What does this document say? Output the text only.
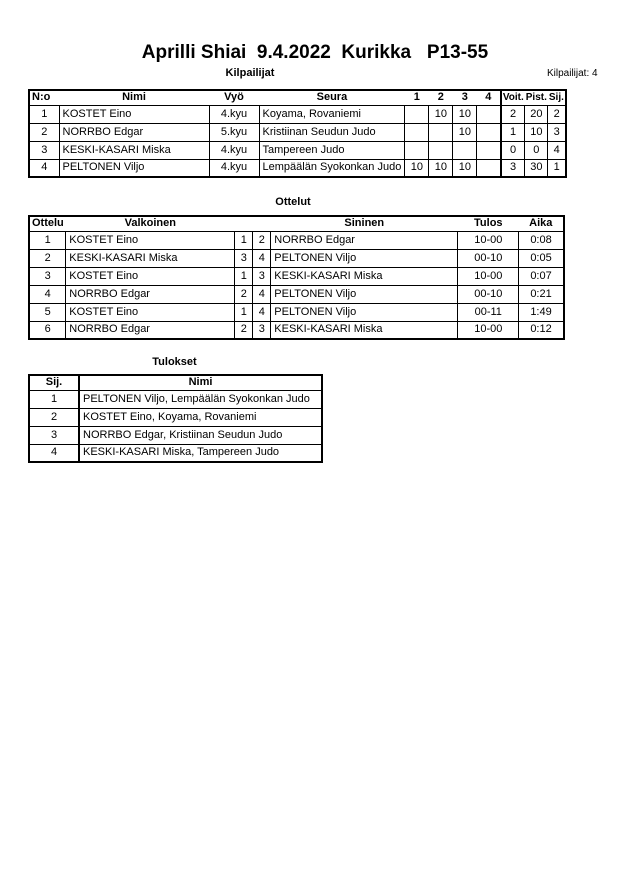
Aprilli Shiai  9.4.2022  Kurikka   P13-55
Kilpailijat	Kilpailijat: 4
N:o	Nimi	Vyö	Seura	1	2	3	4	Voit.	Pist.	Sij.
1	KOSTET Eino	4.kyu	Koyama, Rovaniemi		10	10		2	20	2
2	NORRBO Edgar	5.kyu	Kristiinan Seudun Judo			10		1	10	3
3	KESKI-KASARI Miska	4.kyu	Tampereen Judo					0	0	4
4	PELTONEN Viljo	4.kyu	Lempäälän Syokonkan Judo	10	10	10		3	30	1
Ottelut
Ottelu	Valkoinen			Sininen	Tulos	Aika
1	KOSTET Eino	1	2	NORRBO Edgar	10-00	0:08
2	KESKI-KASARI Miska	3	4	PELTONEN Viljo	00-10	0:05
3	KOSTET Eino	1	3	KESKI-KASARI Miska	10-00	0:07
4	NORRBO Edgar	2	4	PELTONEN Viljo	00-10	0:21
5	KOSTET Eino	1	4	PELTONEN Viljo	00-11	1:49
6	NORRBO Edgar	2	3	KESKI-KASARI Miska	10-00	0:12
Tulokset
Sij.	Nimi
1	PELTONEN Viljo, Lempäälän Syokonkan Judo
2	KOSTET Eino, Koyama, Rovaniemi
3	NORRBO Edgar, Kristiinan Seudun Judo
4	KESKI-KASARI Miska, Tampereen Judo
